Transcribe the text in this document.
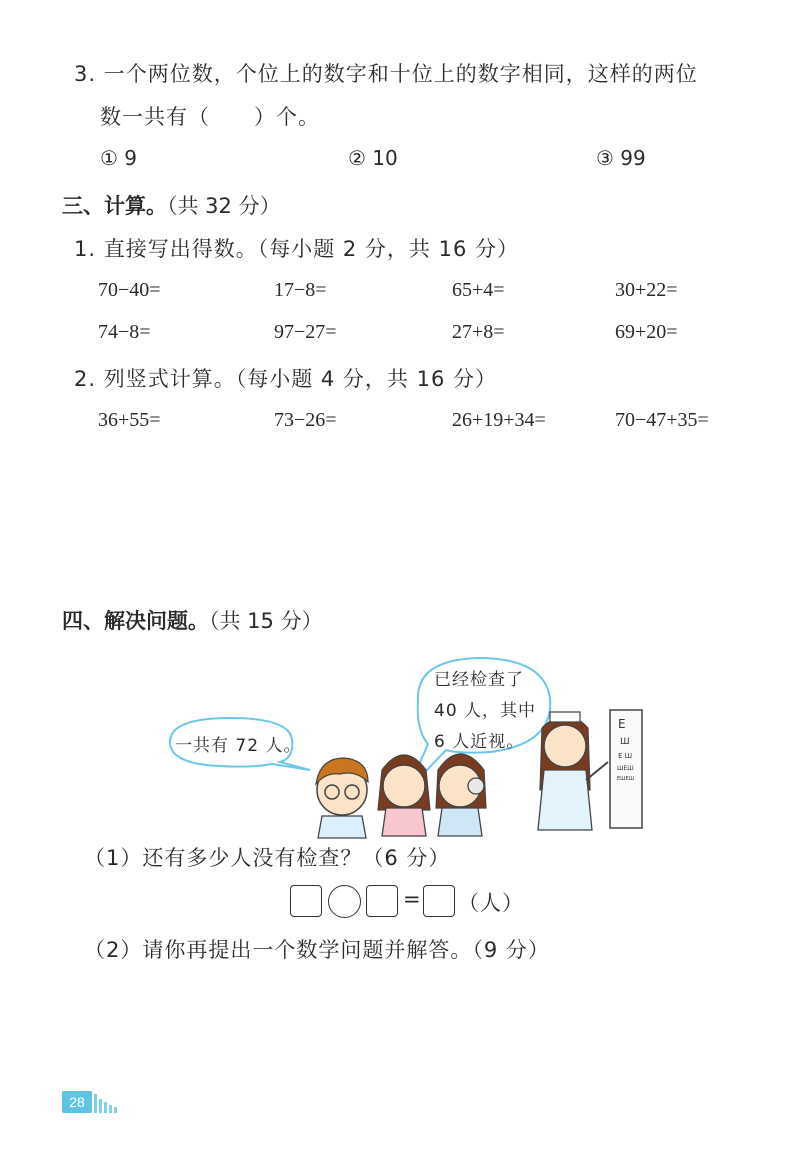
3. 一个两位数，个位上的数字和十位上的数字相同，这样的两位
数一共有（　　）个。
① 9	② 10	③ 99
三、计算。（共 32 分）
1. 直接写出得数。（每小题 2 分，共 16 分）
70−40=	17−8=	65+4=	30+22=
74−8=	97−27=	27+8=	69+20=
2. 列竖式计算。（每小题 4 分，共 16 分）
36+55=	73−26=	26+19+34=	70−47+35=
四、解决问题。（共 15 分）
E
Ш
E Ш
ШEШ
EШEШ
一共有 72 人。
已经检查了
40 人，其中
6 人近视。
（1）还有多少人没有检查？（6 分）
= （人）
（2）请你再提出一个数学问题并解答。（9 分）
28
